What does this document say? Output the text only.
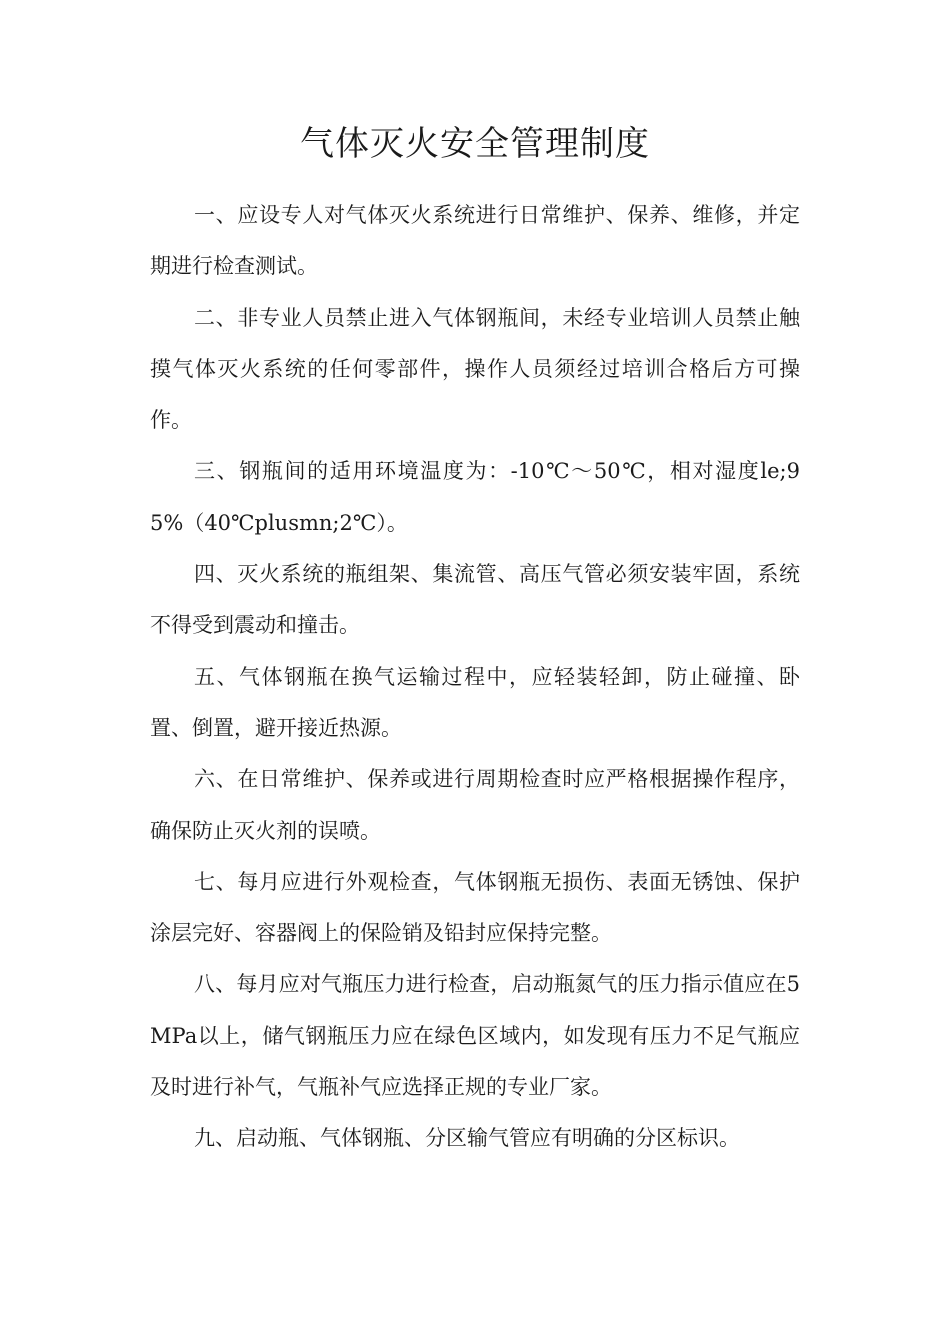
气体灭火安全管理制度

一、应设专人对气体灭火系统进行日常维护、保养、维修，并定期进行检查测试。

二、非专业人员禁止进入气体钢瓶间，未经专业培训人员禁止触摸气体灭火系统的任何零部件，操作人员须经过培训合格后方可操作。

三、钢瓶间的适用环境温度为：-10℃～50℃，相对湿度le;95%（40℃plusmn;2℃）。

四、灭火系统的瓶组架、集流管、高压气管必须安装牢固，系统不得受到震动和撞击。

五、气体钢瓶在换气运输过程中，应轻装轻卸，防止碰撞、卧置、倒置，避开接近热源。

六、在日常维护、保养或进行周期检查时应严格根据操作程序，确保防止灭火剂的误喷。

七、每月应进行外观检查，气体钢瓶无损伤、表面无锈蚀、保护涂层完好、容器阀上的保险销及铅封应保持完整。

八、每月应对气瓶压力进行检查，启动瓶氮气的压力指示值应在5MPa以上，储气钢瓶压力应在绿色区域内，如发现有压力不足气瓶应及时进行补气，气瓶补气应选择正规的专业厂家。

九、启动瓶、气体钢瓶、分区输气管应有明确的分区标识。
